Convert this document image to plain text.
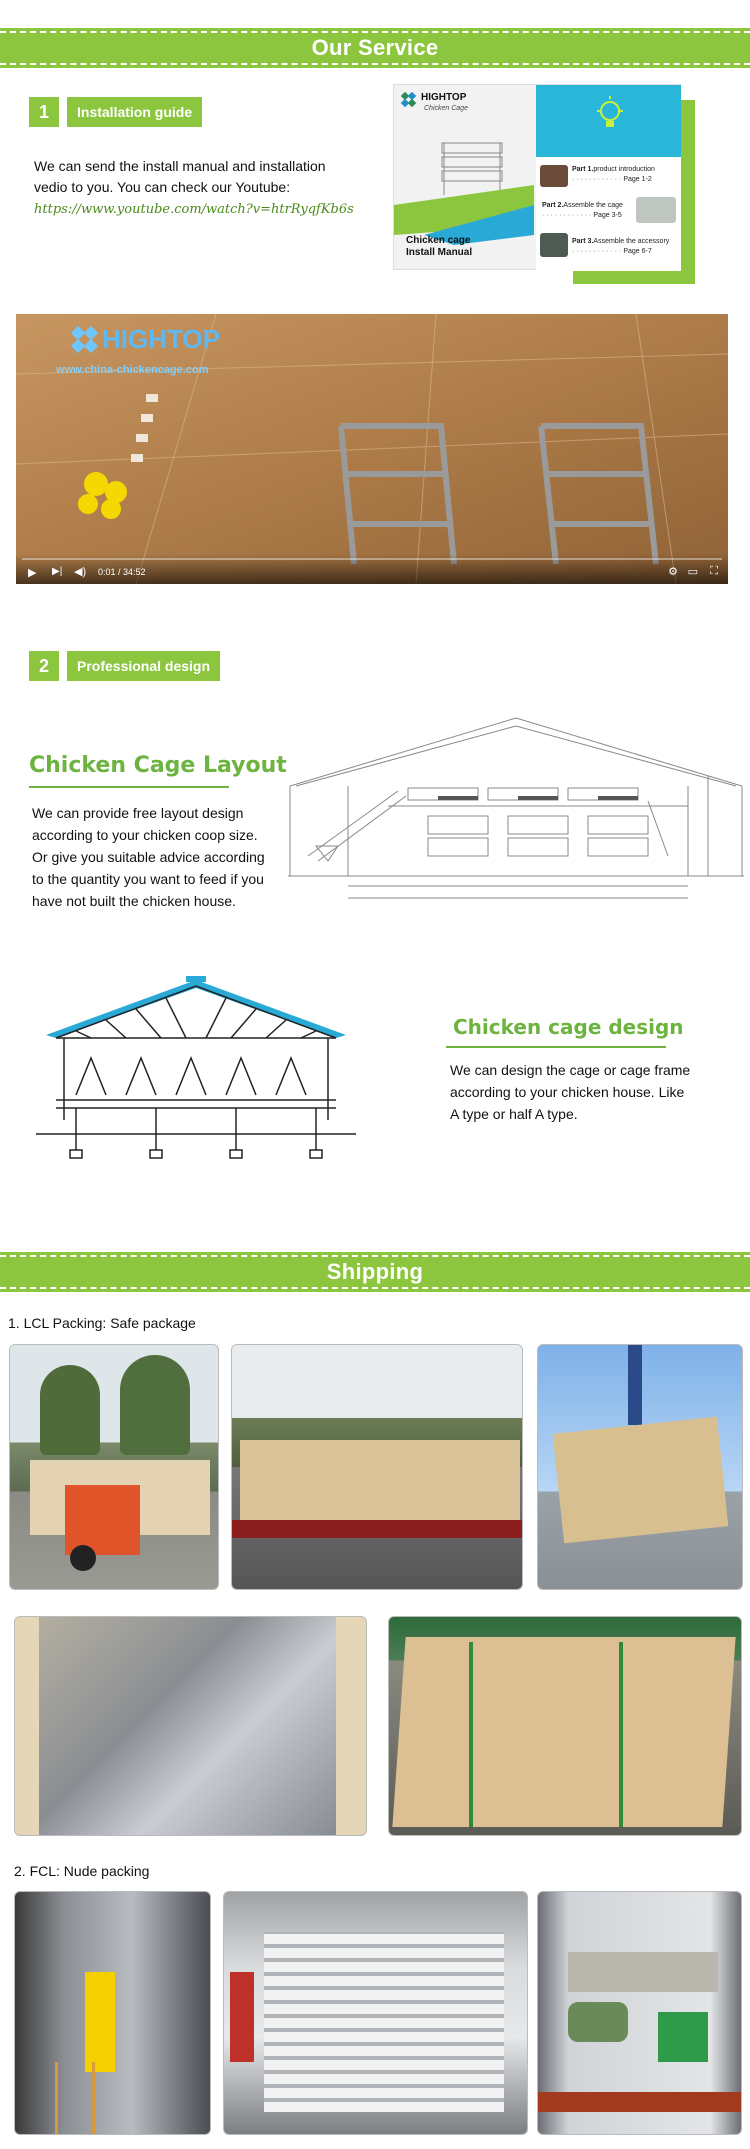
Our Service
1	Installation guide
We can send the install manual and installation
vedio to you. You can check our Youtube:
https://www.youtube.com/watch?v=htrRyqfKb6s
HIGHTOP
Chicken Cage
Chicken cage
Install Manual
Part 1.product introduction
· · · · · · · · · · · · Page 1-2
Part 2.Assemble the cage
· · · · · · · · · · · · Page 3-5
Part 3.Assemble the accessory
· · · · · · · · · · · · Page 6-7
HIGHTOP
www.china-chickencage.com
▶ ▶| ◀) 0:01 / 34:52	⚙ ▭ ⛶
2	Professional design
Chicken Cage Layout
We can provide free layout design
according to your chicken coop size.
Or give you suitable advice according
to the quantity you want to feed if you
have not built the chicken house.
Chicken cage design
We can design the cage or cage frame
according to your chicken house. Like
A type or half A type.
Shipping
1. LCL Packing: Safe package
2. FCL: Nude packing
